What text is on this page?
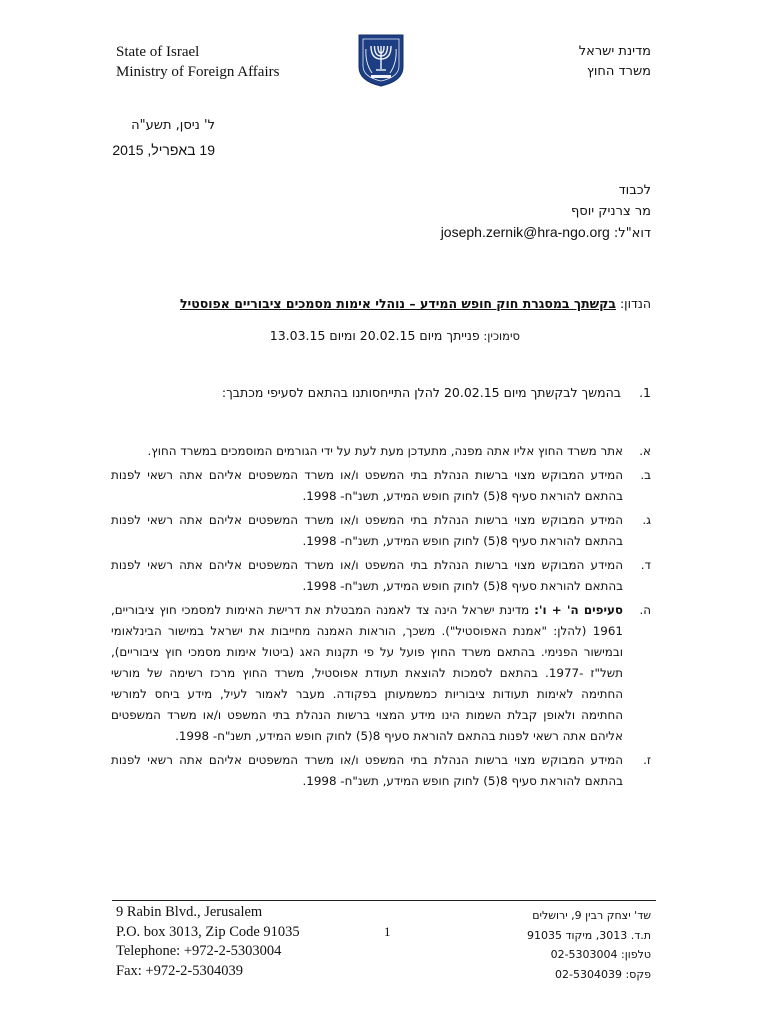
State of Israel
Ministry of Foreign Affairs
מדינת ישראל
משרד החוץ
ל' ניסן, תשע"ה
19 באפריל, 2015
לכבוד
מר צרניק יוסף
דוא"ל: joseph.zernik@hra-ngo.org
הנדון: בקשתך במסגרת חוק חופש המידע – נוהלי אימות מסמכים ציבוריים אפוסטיל
סימוכין: פנייתך מיום 20.02.15 ומיום 13.03.15
1.
בהמשך לבקשתך מיום 20.02.15 להלן התייחסותנו בהתאם לסעיפי מכתבך:
א.
אתר משרד החוץ אליו אתה מפנה, מתעדכן מעת לעת על ידי הגורמים המוסמכים במשרד החוץ.
ב.
המידע המבוקש מצוי ברשות הנהלת בתי המשפט ו/או משרד המשפטים אליהם אתה רשאי לפנות בהתאם להוראת סעיף 8(5) לחוק חופש המידע, תשנ"ח- 1998.
ג.
המידע המבוקש מצוי ברשות הנהלת בתי המשפט ו/או משרד המשפטים אליהם אתה רשאי לפנות בהתאם להוראת סעיף 8(5) לחוק חופש המידע, תשנ"ח- 1998.
ד.
המידע המבוקש מצוי ברשות הנהלת בתי המשפט ו/או משרד המשפטים אליהם אתה רשאי לפנות בהתאם להוראת סעיף 8(5) לחוק חופש המידע, תשנ"ח- 1998.
ה.
סעיפים ה' + ו': מדינת ישראל הינה צד לאמנה המבטלת את דרישת האימות למסמכי חוץ ציבוריים, 1961 (להלן: "אמנת האפוסטיל"). משכך, הוראות האמנה מחייבות את ישראל במישור הבינלאומי ובמישור הפנימי. בהתאם משרד החוץ פועל על פי תקנות האג (ביטול אימות מסמכי חוץ ציבוריים), תשל"ז -1977. בהתאם לסמכות להוצאת תעודת אפוסטיל, משרד החוץ מרכז רשימה של מורשי החתימה לאימות תעודות ציבוריות כמשמעותן בפקודה. מעבר לאמור לעיל, מידע ביחס למורשי החתימה ולאופן קבלת השמות הינו מידע המצוי ברשות הנהלת בתי המשפט ו/או משרד המשפטים אליהם אתה רשאי לפנות בהתאם להוראת סעיף 8(5) לחוק חופש המידע, תשנ"ח- 1998.
ז.
המידע המבוקש מצוי ברשות הנהלת בתי המשפט ו/או משרד המשפטים אליהם אתה רשאי לפנות בהתאם להוראת סעיף 8(5) לחוק חופש המידע, תשנ"ח- 1998.
9 Rabin Blvd., Jerusalem
P.O. box 3013, Zip Code 91035
Telephone: +972-2-5303004
Fax: +972-2-5304039
1
שד' יצחק רבין 9, ירושלים
ת.ד. 3013, מיקוד 91035
טלפון: 02-5303004
פקס: 02-5304039
